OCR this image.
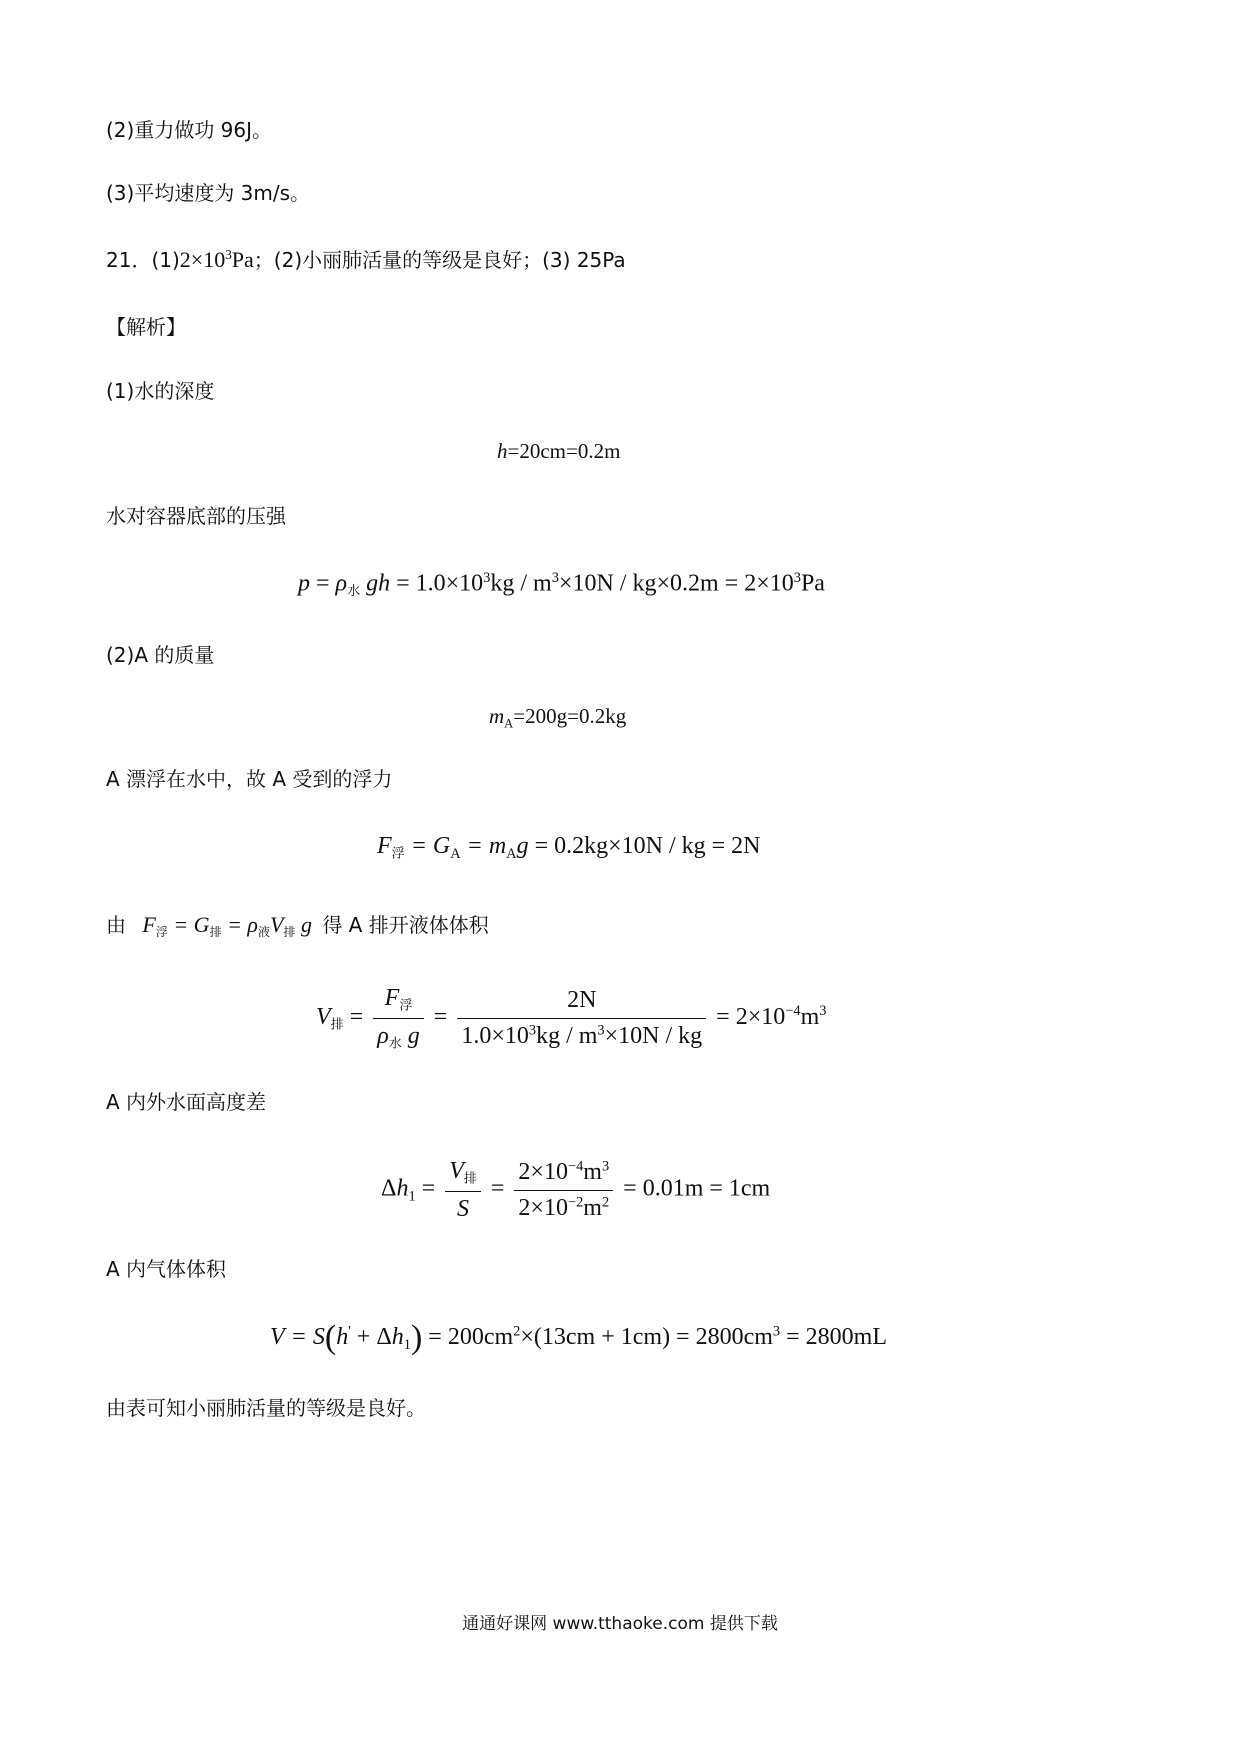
(2)重力做功 96J。
(3)平均速度为 3m/s。
21．$(1)2\times 10^3Pa$；(2)小丽肺活量的等级是良好；(3) 25Pa
【解析】
(1)水的深度
h=20cm=0.2m
水对容器底部的压强
$p = \rho_水$ gh = $1.0\times 10^3kg / m^3\times 10N / kg\times 0.2m = 2\times 10^3Pa$
(2)A 的质量
$m_A=200g=0.2kg$
A 漂浮在水中，故 A 受到的浮力
$F_浮 = G_A = m_Ag = 0.2kg\times 10N$ / kg = 2N
由 $F_浮 = G_排 = \rho_液V_排$ g 得 A 排开液体体积
$V_排 = \frac{F_浮}{\rho_水 g} = \frac{2N}{1.0\times 10^3kg / m^3\times 10N / kg} = 2\times 10^{-4}m^3$
A 内外水面高度差
$\Delta h_1 = \frac{V_排}{S} = \frac{2\times 10^{-4}m^3}{2\times 10^{-2}m^2} = 0.01m = 1cm$
A 内气体体积
$V = S(h' + \Delta h_1) = 200cm^2\times(13cm + 1cm) = 2800cm^3 = 2800mL$
由表可知小丽肺活量的等级是良好。
通通好课网 www.tthaoke.com 提供下载
